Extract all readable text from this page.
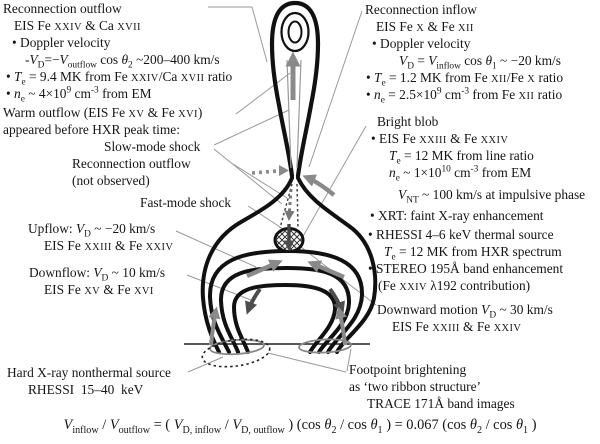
Reconnection outflow
EIS Fe XXIV & Ca XVII
• Doppler velocity
$-V_D=-V_{outflow}$ $\cos \theta_2$ ~200–400 km/s
• $T_e = 9.4$ MK from Fe XXIV/Ca XVII ratio
• $n_e$ ~ $4\times 10^9$ $cm^{-3}$ from EM
Warm outflow (EIS Fe XV & Fe XVI)
appeared before HXR peak time:
Slow-mode shock
Reconnection outflow
(not observed)
Fast-mode shock
Upflow: $V_D$ ~ −20 km/s
EIS Fe XXIII & Fe XXIV
Downflow: $V_D$ ~ 10 km/s
EIS Fe XV & Fe XVI
Hard X-ray nonthermal source
RHESSI  15–40  keV
Reconnection inflow
EIS Fe X & Fe XII
• Doppler velocity
$V_D = V_{inflow}$ $\cos \theta_1$ ~ −20 km/s
• $T_e = 1.2$ MK from Fe XII/Fe X ratio
• $n_e = 2.5\times 10^9$ $cm^{-3}$ from Fe XII ratio
Bright blob
• EIS Fe XXIII & Fe XXIV
$T_e = 12$ MK from line ratio
$n_e$ ~ $1\times 10^{10}$ $cm^{-3}$ from EM
$V_{NT}$ ~ 100 km/s at impulsive phase
• XRT: faint X-ray enhancement
• RHESSI 4–6 keV thermal source
$T_e = 12$ MK from HXR spectrum
• STEREO 195Å band enhancement
(Fe XXIV λ192 contribution)
Downward motion $V_D$ ~ 30 km/s
EIS Fe XXIII & Fe XXIV
Footpoint brightening
as ‘two ribbon structure’
TRACE 171Å band images
$V_{inflow} / V_{outflow}$ = ( $V_{D, inflow} / V_{D, outflow}$ ) (cos $\theta_2$ / $\cos \theta_1$ ) = 0.067 (cos $\theta_2$ / $\cos \theta_1$ )
